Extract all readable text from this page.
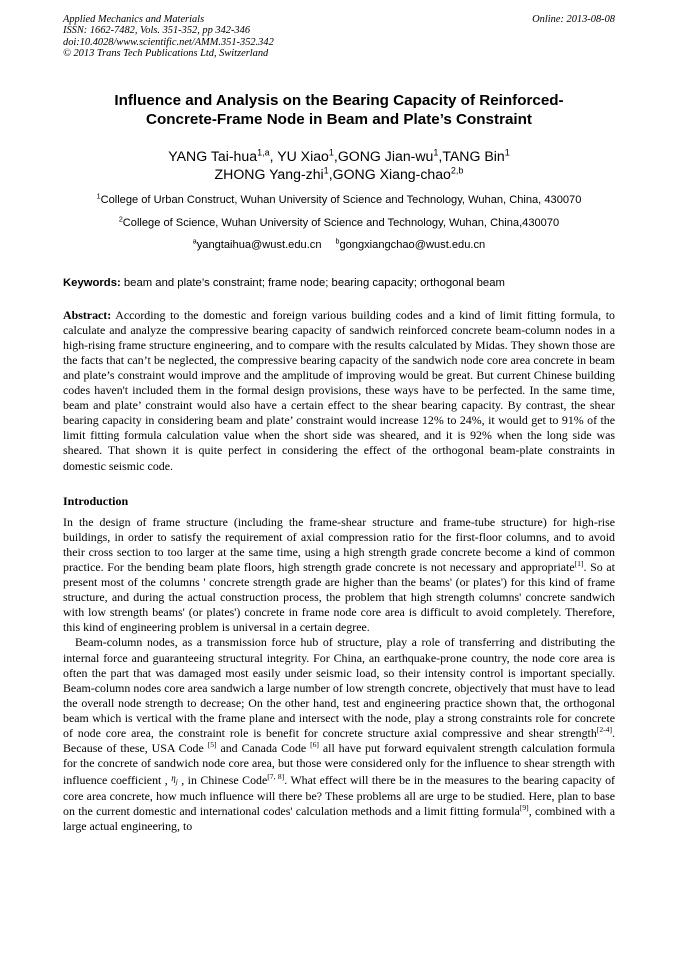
Applied Mechanics and Materials
ISSN: 1662-7482, Vols. 351-352, pp 342-346
doi:10.4028/www.scientific.net/AMM.351-352.342
© 2013 Trans Tech Publications Ltd, Switzerland
Online: 2013-08-08
Influence and Analysis on the Bearing Capacity of Reinforced-
Concrete-Frame Node in Beam and Plate’s Constraint
YANG Tai-hua$^{1,a}$, YU Xiao$^1$,GONG Jian-$wu^1,TANG$ Bin$^1$
ZHONG Yang-zhi$^1$,GONG Xiang-chao$^{2,b}$
$^1$College of Urban Construct, Wuhan University of Science and Technology, Wuhan, China, 430070
$^2$College of Science, Wuhan University of Science and Technology, Wuhan, China,430070
$^a$yangtaihua@wust.edu.cn $^b$gongxiangchao@wust.edu.cn
Keywords: beam and plate’s constraint; frame node; bearing capacity; orthogonal beam

Abstract: According to the domestic and foreign various building codes and a kind of limit fitting formula, to calculate and analyze the compressive bearing capacity of sandwich reinforced concrete beam-column nodes in a high-rising frame structure engineering, and to compare with the results calculated by Midas. They shown those are the facts that can’t be neglected, the compressive bearing capacity of the sandwich node core area concrete in beam and plate’s constraint would improve and the amplitude of improving would be great. But current Chinese building codes haven't included them in the formal design provisions, these ways have to be perfected. In the same time, beam and plate’ constraint would also have a certain effect to the shear bearing capacity. By contrast, the shear bearing capacity in considering beam and plate’ constraint would increase 12% to 24%, it would get to 91% of the limit fitting formula calculation value when the short side was sheared, and it is 92% when the long side was sheared. That shown it is quite perfect in considering the effect of the orthogonal beam-plate constraints in domestic seismic code.

Introduction

In the design of frame structure (including the frame-shear structure and frame-tube structure) for high-rise buildings, in order to satisfy the requirement of axial compression ratio for the first-floor columns, and to avoid their cross section to too larger at the same time, using a high strength grade concrete become a kind of common practice. For the bending beam plate floors, high strength grade concrete is not necessary and appropriate[1]. So at present most of the columns ' concrete strength grade are higher than the beams' (or plates') for this kind of frame structure, and during the actual construction process, the problem that high strength columns' concrete sandwich with low strength beams' (or plates') concrete in frame node core area is difficult to avoid completely. Therefore, this kind of engineering problem is universal in a certain degree.

Beam-column nodes, as a transmission force hub of structure, play a role of transferring and distributing the internal force and guaranteeing structural integrity. For China, an earthquake-prone country, the node core area is often the part that was damaged most easily under seismic load, so their intensity control is important specially. Beam-column nodes core area sandwich a large number of low strength concrete, objectively that must have to lead the overall node strength to decrease; On the other hand, test and engineering practice shown that, the orthogonal beam which is vertical with the frame plane and intersect with the node, play a strong constraints role for concrete of node core area, the constraint role is benefit for concrete structure axial compressive and shear strength[2-4]. Because of these, USA Code [5] and Canada Code [6] all have put forward equivalent strength calculation formula for the concrete of sandwich node core area, but those were considered only for the influence to shear strength with influence coefficient , $^{\eta_j}$ , in Chinese Code[7, 8]. What effect will there be in the measures to the bearing capacity of core area concrete, how much influence will there be? These problems all are urge to be studied. Here, plan to base on the current domestic and international codes' calculation methods and a limit fitting formula[9], combined with a large actual engineering, to
